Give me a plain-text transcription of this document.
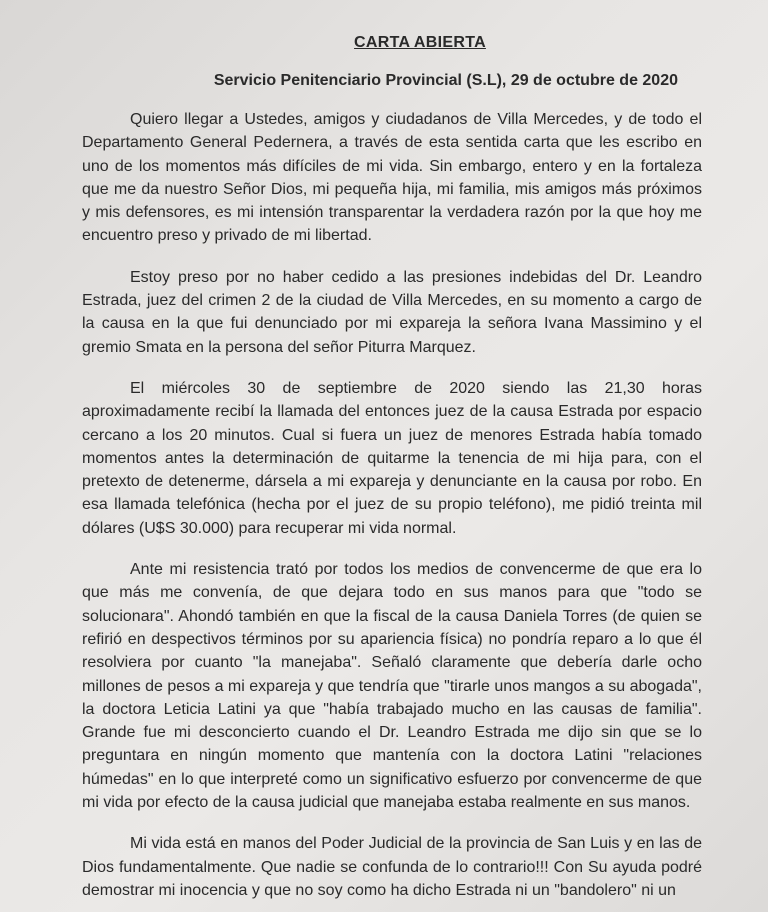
CARTA ABIERTA
Servicio Penitenciario Provincial (S.L), 29 de octubre de 2020

Quiero llegar a Ustedes, amigos y ciudadanos de Villa Mercedes, y de todo el Departamento General Pedernera, a través de esta sentida carta que les escribo en uno de los momentos más difíciles de mi vida. Sin embargo, entero y en la fortaleza que me da nuestro Señor Dios, mi pequeña hija, mi familia, mis amigos más próximos y mis defensores, es mi intensión transparentar la verdadera razón por la que hoy me encuentro preso y privado de mi libertad.

Estoy preso por no haber cedido a las presiones indebidas del Dr. Leandro Estrada, juez del crimen 2 de la ciudad de Villa Mercedes, en su momento a cargo de la causa en la que fui denunciado por mi expareja la señora Ivana Massimino y el gremio Smata en la persona del señor Piturra Marquez.

El miércoles 30 de septiembre de 2020 siendo las 21,30 horas aproximadamente recibí la llamada del entonces juez de la causa Estrada por espacio cercano a los 20 minutos. Cual si fuera un juez de menores Estrada había tomado momentos antes la determinación de quitarme la tenencia de mi hija para, con el pretexto de detenerme, dársela a mi expareja y denunciante en la causa por robo. En esa llamada telefónica (hecha por el juez de su propio teléfono), me pidió treinta mil dólares (U$S 30.000) para recuperar mi vida normal.

Ante mi resistencia trató por todos los medios de convencerme de que era lo que más me convenía, de que dejara todo en sus manos para que "todo se solucionara". Ahondó también en que la fiscal de la causa Daniela Torres (de quien se refirió en despectivos términos por su apariencia física) no pondría reparo a lo que él resolviera por cuanto "la manejaba". Señaló claramente que debería darle ocho millones de pesos a mi expareja y que tendría que "tirarle unos mangos a su abogada", la doctora Leticia Latini ya que "había trabajado mucho en las causas de familia". Grande fue mi desconcierto cuando el Dr. Leandro Estrada me dijo sin que se lo preguntara en ningún momento que mantenía con la doctora Latini "relaciones húmedas" en lo que interpreté como un significativo esfuerzo por convencerme de que mi vida por efecto de la causa judicial que manejaba estaba realmente en sus manos.

Mi vida está en manos del Poder Judicial de la provincia de San Luis y en las de Dios fundamentalmente. Que nadie se confunda de lo contrario!!! Con Su ayuda podré demostrar mi inocencia y que no soy como ha dicho Estrada ni un "bandolero" ni un
